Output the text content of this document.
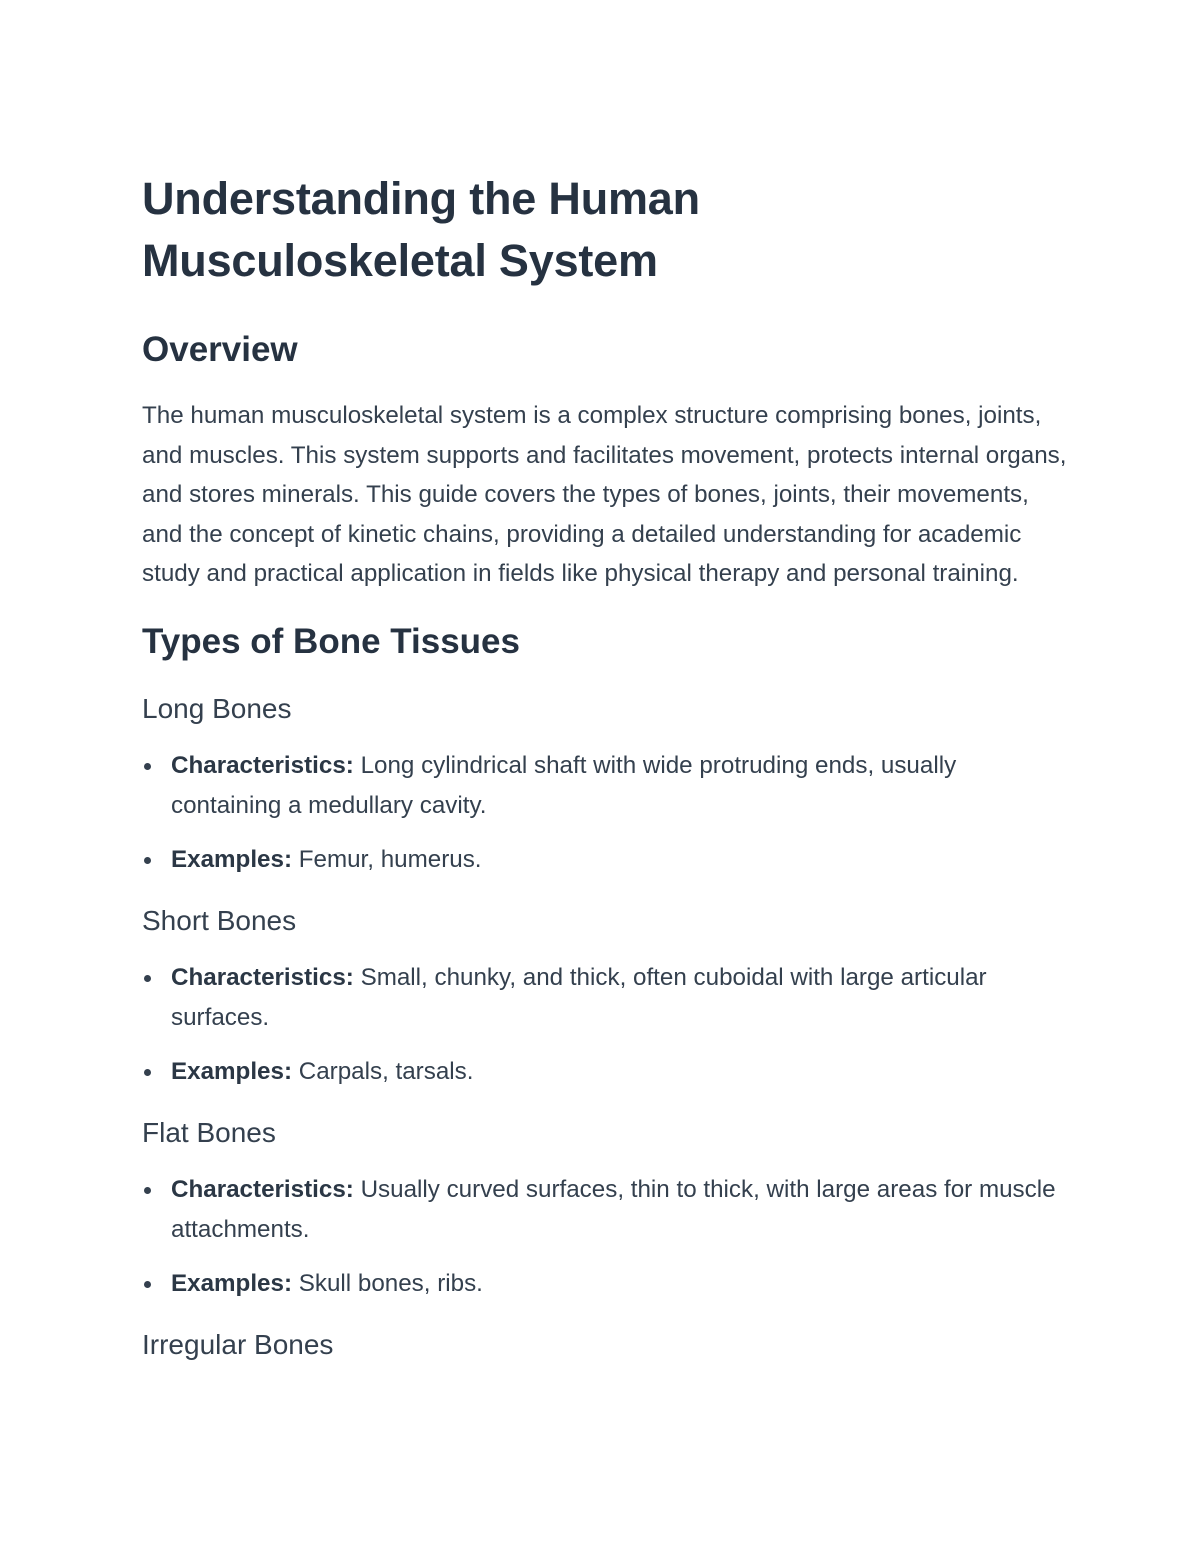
Understanding the Human
Musculoskeletal System
Overview

The human musculoskeletal system is a complex structure comprising bones, joints, and muscles. This system supports and facilitates movement, protects internal organs, and stores minerals. This guide covers the types of bones, joints, their movements, and the concept of kinetic chains, providing a detailed understanding for academic study and practical application in fields like physical therapy and personal training.

Types of Bone Tissues
Long Bones
Characteristics: Long cylindrical shaft with wide protruding ends, usually containing a medullary cavity.
Examples: Femur, humerus.
Short Bones
Characteristics: Small, chunky, and thick, often cuboidal with large articular surfaces.
Examples: Carpals, tarsals.
Flat Bones
Characteristics: Usually curved surfaces, thin to thick, with large areas for muscle attachments.
Examples: Skull bones, ribs.
Irregular Bones
